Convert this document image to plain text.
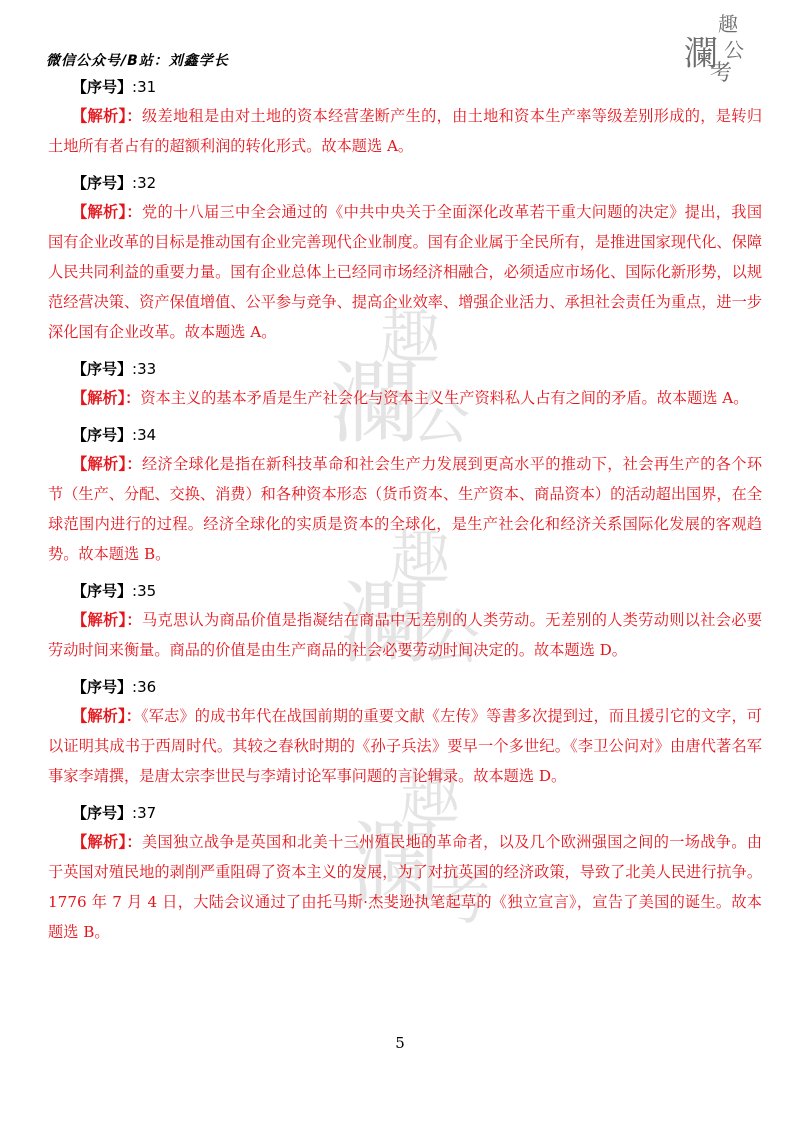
微信公众号/B站：刘鑫学长
趣
瀾 公
考
趣
瀾
公
趣
瀾
公
趣
瀾
考
【序号】:31

【解析】：级差地租是由对土地的资本经营垄断产生的，由土地和资本生产率等级差别形成的，是转归土地所有者占有的超额利润的转化形式。故本题选 A。

【序号】:32

【解析】：党的十八届三中全会通过的《中共中央关于全面深化改革若干重大问题的决定》提出，我国国有企业改革的目标是推动国有企业完善现代企业制度。国有企业属于全民所有，是推进国家现代化、保障人民共同利益的重要力量。国有企业总体上已经同市场经济相融合，必须适应市场化、国际化新形势，以规范经营决策、资产保值增值、公平参与竞争、提高企业效率、增强企业活力、承担社会责任为重点，进一步深化国有企业改革。故本题选 A。

【序号】:33

【解析】：资本主义的基本矛盾是生产社会化与资本主义生产资料私人占有之间的矛盾。故本题选 A。

【序号】:34

【解析】：经济全球化是指在新科技革命和社会生产力发展到更高水平的推动下，社会再生产的各个环节（生产、分配、交换、消费）和各种资本形态（货币资本、生产资本、商品资本）的活动超出国界，在全球范围内进行的过程。经济全球化的实质是资本的全球化，是生产社会化和经济关系国际化发展的客观趋势。故本题选 B。

【序号】:35

【解析】：马克思认为商品价值是指凝结在商品中无差别的人类劳动。无差别的人类劳动则以社会必要劳动时间来衡量。商品的价值是由生产商品的社会必要劳动时间决定的。故本题选 D。

【序号】:36

【解析】：《军志》的成书年代在战国前期的重要文献《左传》等書多次提到过，而且援引它的文字，可以证明其成书于西周时代。其较之春秋时期的《孙子兵法》要早一个多世纪。《李卫公问对》由唐代著名军事家李靖撰，是唐太宗李世民与李靖讨论军事问题的言论辑录。故本题选 D。

【序号】:37

【解析】：美国独立战争是英国和北美十三州殖民地的革命者，以及几个欧洲强国之间的一场战争。由于英国对殖民地的剥削严重阻碍了资本主义的发展，为了对抗英国的经济政策，导致了北美人民进行抗争。1776 年 7 月 4 日，大陆会议通过了由托马斯·杰斐逊执笔起草的《独立宣言》，宣告了美国的诞生。故本题选 B。

5
